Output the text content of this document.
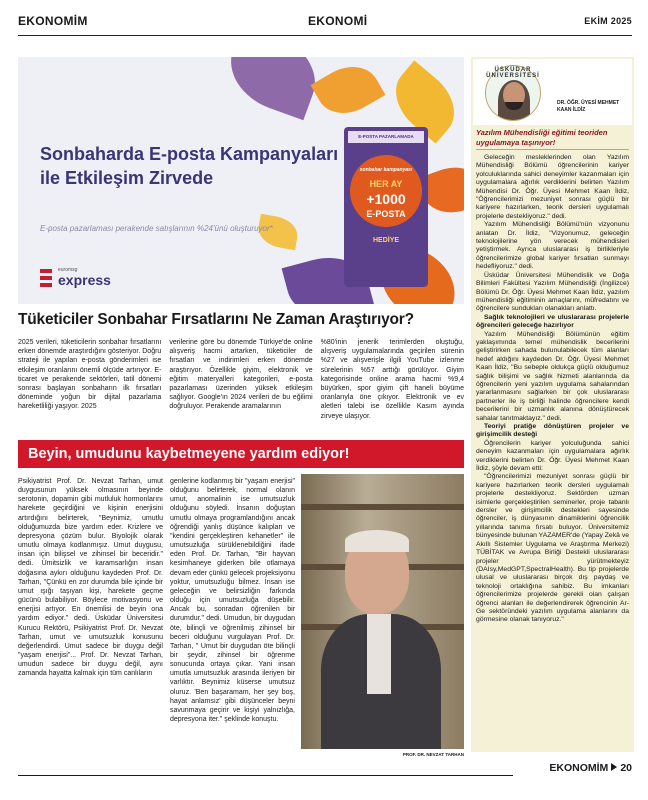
EKONOMİM	EKONOMİ	EKİM 2025
Sonbaharda E-posta Kampanyaları ile Etkileşim Zirvede
E-posta pazarlaması perakende satışlarının %24'ünü oluşturuyor*
euromsg
express
E-POSTA PAZARLAMADA
sonbahar kampanyası
HER AY
+1000
E-POSTA
HEDİYE
Tüketiciler Sonbahar Fırsatlarını Ne Zaman Araştırıyor?

2025 verileri, tüketicilerin sonbahar fırsatlarını erken dönemde araştırdığını gösteriyor. Doğru strateji ile yapılan e-posta gönderimleri ise etkileşim oranlarını önemli ölçüde artırıyor. E-ticaret ve perakende sektörleri, tatil dönemi sonrası başlayan sonbaharın ilk fırsatları döneminde yoğun bir dijital pazarlama hareketliliği yaşıyor. 2025

verilerine göre bu dönemde Türkiye'de online alışveriş hacmi artarken, tüketiciler de fırsatları ve indirimleri erken dönemde araştırıyor. Özellikle giyim, elektronik ve eğitim materyalleri kategorileri, e-posta pazarlaması üzerinden yüksek etkileşim sağlıyor. Google'ın 2024 verileri de bu eğilimi doğruluyor. Perakende aramalarının

%80'inin jenerik terimlerden oluştuğu, alışveriş uygulamalarında geçirilen sürenin %27 ve alışverişle ilgili YouTube izlenme sürelerinin %57 arttığı görülüyor. Giyim kategorisinde online arama hacmi %9,4 büyürken, spor giyim çift haneli büyüme oranlarıyla öne çıkıyor. Elektronik ve ev aletleri talebi ise özellikle Kasım ayında zirveye ulaşıyor.

Beyin, umudunu kaybetmeyene yardım ediyor!
Psikiyatrist Prof. Dr. Nevzat Tarhan, umut duygusunun yüksek olmasının beyinde serotonin, dopamin gibi mutluluk hormonlarını harekete geçirdiğini ve kişinin enerjisini artırdığını belirterek, "Beynimiz, umutlu olduğumuzda bize yardım eder. Krizlere ve depresyona çözüm bulur. Biyolojik olarak umutlu olmaya kodlanmışız. Umut duygusu, insan için bilişsel ve zihinsel bir beceridir." dedi. Ümitsizlik ve karamsarlığın insan doğasına aykırı olduğunu kaydeden Prof. Dr. Tarhan, "Çünkü en zor durumda bile içinde bir umut ışığı taşıyan kişi, harekete geçme gücünü bulabiliyor. Böylece motivasyonu ve enerjisi artıyor. En önemlisi de beyin ona yardım ediyor." dedi. Üsküdar Üniversitesi Kurucu Rektörü, Psikiyatrist Prof. Dr. Nevzat Tarhan, umut ve umutsuzluk konusunu değerlendirdi. Umut sadece bir duygu değil "yaşam enerjisi"... Prof. Dr. Nevzat Tarhan, umudun sadece bir duygu değil, aynı zamanda hayatta kalmak için tüm canlıların
genlerine kodlanmış bir "yaşam enerjisi" olduğunu belirterek, normal olanın umut, anomalinin ise umutsuzluk olduğunu söyledi. İnsanın doğuştan umutlu olmaya programlandığını ancak öğrendiği yanlış düşünce kalıpları ve "kendini gerçekleştiren kehanetler" ile umutsuzluğa sürüklenebildiğini ifade eden Prof. Dr. Tarhan, "Bir hayvan kesimhaneye giderken bile otlamaya devam eder çünkü gelecek projeksiyonu yoktur, umutsuzluğu bilmez. İnsan ise geleceğin ve belirsizliğin farkında olduğu için umutsuzluğa düşebilir. Ancak bu, sonradan öğrenilen bir durumdur." dedi. Umudun, bir duygudan öte, bilinçli ve öğrenilmiş zihinsel bir beceri olduğunu vurgulayan Prof. Dr. Tarhan, " Umut bir duygudan öte bilinçli bir şeydir, zihinsel bir öğrenme sonucunda ortaya çıkar. Yani insan umutla umutsuzluk arasında ileriyen bir varlıktır. Beynimiz küserse umutsuz oluruz. 'Ben başaramam, her şey boş, hayat anlamsız' gibi düşünceler beyni savunmaya geçirir ve kişiyi yalnızlığa, depresyona iter." şeklinde konuştu.
PROF. DR. NEVZAT TARHAN
ÜSKÜDAR ÜNİVERSİTESİ
DR. ÖĞR. ÜYESİ MEHMET KAAN İLDİZ
Yazılım Mühendisliği eğitimi teoriden uygulamaya taşınıyor!

Geleceğin mesleklerinden olan Yazılım Mühendisliği Bölümü öğrencilerinin kariyer yolculuklarında sahici deneyimler kazanmaları için uygulamalara ağırlık verdiklerini belirten Yazılım Mühendisi Dr. Öğr. Üyesi Mehmet Kaan İldiz, "Öğrencilerimizi mezuniyet sonrası güçlü bir kariyere hazırlarken, teorik dersleri uygulamalı projelerle destekliyoruz." dedi.

Yazılım Mühendisliği Bölümü'nün vizyonunu anlatan Dr. İldiz, "Vizyonumuz, geleceğin teknolojilerine yön verecek mühendisleri yetiştirmek. Ayrıca uluslararası iş birlikleriyle öğrencilerimize global kariyer fırsatları sunmayı hedefliyoruz." dedi.

Üsküdar Üniversitesi Mühendislik ve Doğa Bilimleri Fakültesi Yazılım Mühendisliği (İngilizce) Bölümü Dr. Öğr. Üyesi Mehmet Kaan İldiz, yazılım mühendisliği eğitiminin amaçlarını, müfredatını ve öğrencilere sundukları olanakları anlattı.

Sağlık teknolojileri ve uluslararası projelerle öğrencileri geleceğe hazırlıyor

Yazılım Mühendisliği Bölümünün eğitim yaklaşımında temel mühendislik becerilerini geliştirirken sahada bulunulabilecek tüm alanları hedef aldığını kaydeden Dr. Öğr. Üyesi Mehmet Kaan İldiz, "Bu sebeple oldukça güçlü olduğumuz sağlık bilişimi ve sağlık hizmeti alanlarında da öğrencilerin yeni yazılım uygulama sahalarından yararlanmasını sağlarken bir çok uluslararası partnerler ile iş birliği halinde öğrencilere kendi becerilerini bir uzmanlık alanına dönüştürecek sahalar tanıtmaktayız." dedi.

Teoriyi pratiğe dönüştüren projeler ve girişimcilik desteği

Öğrencilerin kariyer yolculuğunda sahici deneyim kazanmaları için uygulamalara ağırlık verdiklerini belirten Dr. Öğr. Üyesi Mehmet Kaan İldiz, şöyle devam etti:

"Öğrencilerimizi mezuniyet sonrası güçlü bir kariyere hazırlarken teorik dersleri uygulamalı projelerle destekliyoruz. Sektörden uzman isimlerle gerçekleştirilen seminerler, proje tabanlı dersler ve girişimcilik destekleri sayesinde öğrenciler, iş dünyasının dinamiklerini öğrencilik yıllarında tanıma fırsatı buluyor. Üniversitemiz bünyesinde bulunan YAZAMER'de (Yapay Zekâ ve Akıllı Sistemler Uygulama ve Araştırma Merkezi) TÜBİTAK ve Avrupa Birliği Destekli uluslararası projeler yürütmekteyiz (DAIsy,MedGPT,SpectralHealth). Bu tip projelerde ulusal ve uluslararası birçok dış paydaş ve teknoloji ortaklığına sahibiz. Bu imkanları öğrencilerimize projelerde gerekli olan çalışan öğrenci alanları ile değerlendirerek öğrencinin Ar-Ge sektöründeki yazılım uygulama alanlarını da görmesine olanak tanıyoruz."

EKONOMİM 20
